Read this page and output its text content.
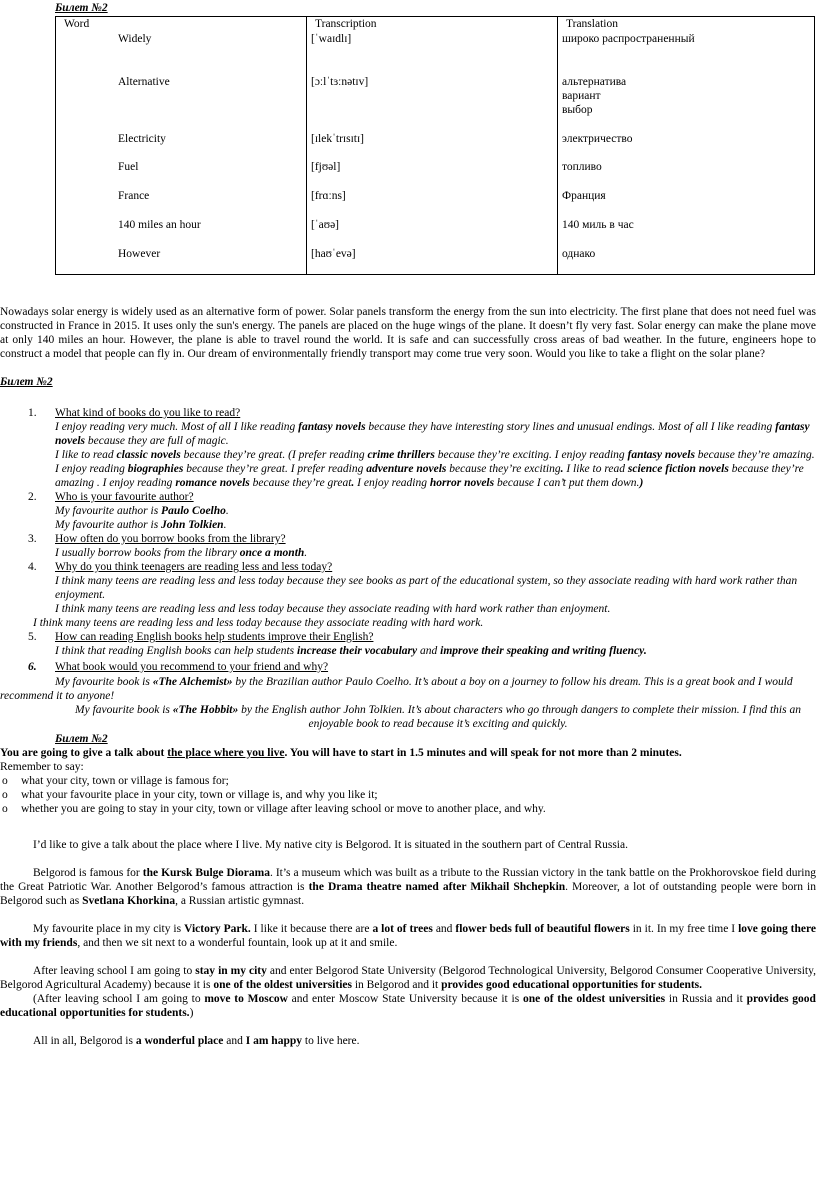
Билет №2
Word	Transcription	Translation
Widely	[ˈwaɪdlɪ]	широко распространенный

Alternative	[ɔːlˈtɜːnətɪv]	альтернатива
вариант
выбор

Electricity	[ɪlekˈtrɪsɪtɪ]	электричество

Fuel	[fjʊəl]	топливо

France	[frɑːns]	Франция

140 miles an hour	[ˈaʊə]	140 миль в час

However	[haʊˈevə]	однако
Nowadays solar energy is widely used as an alternative form of power. Solar panels transform the energy from the sun into electricity. The first plane that does not need fuel was constructed in France in 2015. It uses only the sun's energy. The panels are placed on the huge wings of the plane. It doesn’t fly very fast. Solar energy can make the plane move at only 140 miles an hour. However, the plane is able to travel round the world. It is safe and can successfully cross areas of bad weather. In the future, engineers hope to construct a model that people can fly in. Our dream of environmentally friendly transport may come true very soon. Would you like to take a flight on the solar plane?
Билет №2
1. What kind of books do you like to read?
I enjoy reading very much. Most of all I like reading fantasy novels because they have interesting story lines and unusual endings. Most of all I like reading fantasy novels because they are full of magic.
I like to read classic novels because they’re great. (I prefer reading crime thrillers because they’re exciting. I enjoy reading fantasy novels because they’re amazing. I enjoy reading biographies because they’re great. I prefer reading adventure novels because they’re exciting. I like to read science fiction novels because they’re amazing . I enjoy reading romance novels because they’re great. I enjoy reading horror novels because I can’t put them down.)
2. Who is your favourite author?
My favourite author is Paulo Coelho.
My favourite author is John Tolkien.
3. How often do you borrow books from the library?
I usually borrow books from the library once a month.
4. Why do you think teenagers are reading less and less today?
I think many teens are reading less and less today because they see books as part of the educational system, so they associate reading with hard work rather than enjoyment.
I think many teens are reading less and less today because they associate reading with hard work rather than enjoyment.
I think many teens are reading less and less today because they associate reading with hard work.
5. How can reading English books help students improve their English?
I think that reading English books can help students increase their vocabulary and improve their speaking and writing fluency.
6. What book would you recommend to your friend and why?
My favourite book is «The Alchemist» by the Brazilian author Paulo Coelho. It’s about a boy on a journey to follow his dream. This is a great book and I would recommend it to anyone!
My favourite book is «The Hobbit» by the English author John Tolkien. It’s about characters who go through dangers to complete their mission. I find this an enjoyable book to read because it’s exciting and quickly.
Билет №2
You are going to give a talk about the place where you live. You will have to start in 1.5 minutes and will speak for not more than 2 minutes.
Remember to say:
o what your city, town or village is famous for;
o what your favourite place in your city, town or village is, and why you like it;
o whether you are going to stay in your city, town or village after leaving school or move to another place, and why.
I’d like to give a talk about the place where I live. My native city is Belgorod. It is situated in the southern part of Central Russia.
Belgorod is famous for the Kursk Bulge Diorama. It’s a museum which was built as a tribute to the Russian victory in the tank battle on the Prokhorovskoe field during the Great Patriotic War. Another Belgorod’s famous attraction is the Drama theatre named after Mikhail Shchepkin. Moreover, a lot of outstanding people were born in Belgorod such as Svetlana Khorkina, a Russian artistic gymnast.
My favourite place in my city is Victory Park. I like it because there are a lot of trees and flower beds full of beautiful flowers in it. In my free time I love going there with my friends, and then we sit next to a wonderful fountain, look up at it and smile.
After leaving school I am going to stay in my city and enter Belgorod State University (Belgorod Technological University, Belgorod Consumer Cooperative University, Belgorod Agricultural Academy) because it is one of the oldest universities in Belgorod and it provides good educational opportunities for students.
(After leaving school I am going to move to Moscow and enter Moscow State University because it is one of the oldest universities in Russia and it provides good educational opportunities for students.)
All in all, Belgorod is a wonderful place and I am happy to live here.
